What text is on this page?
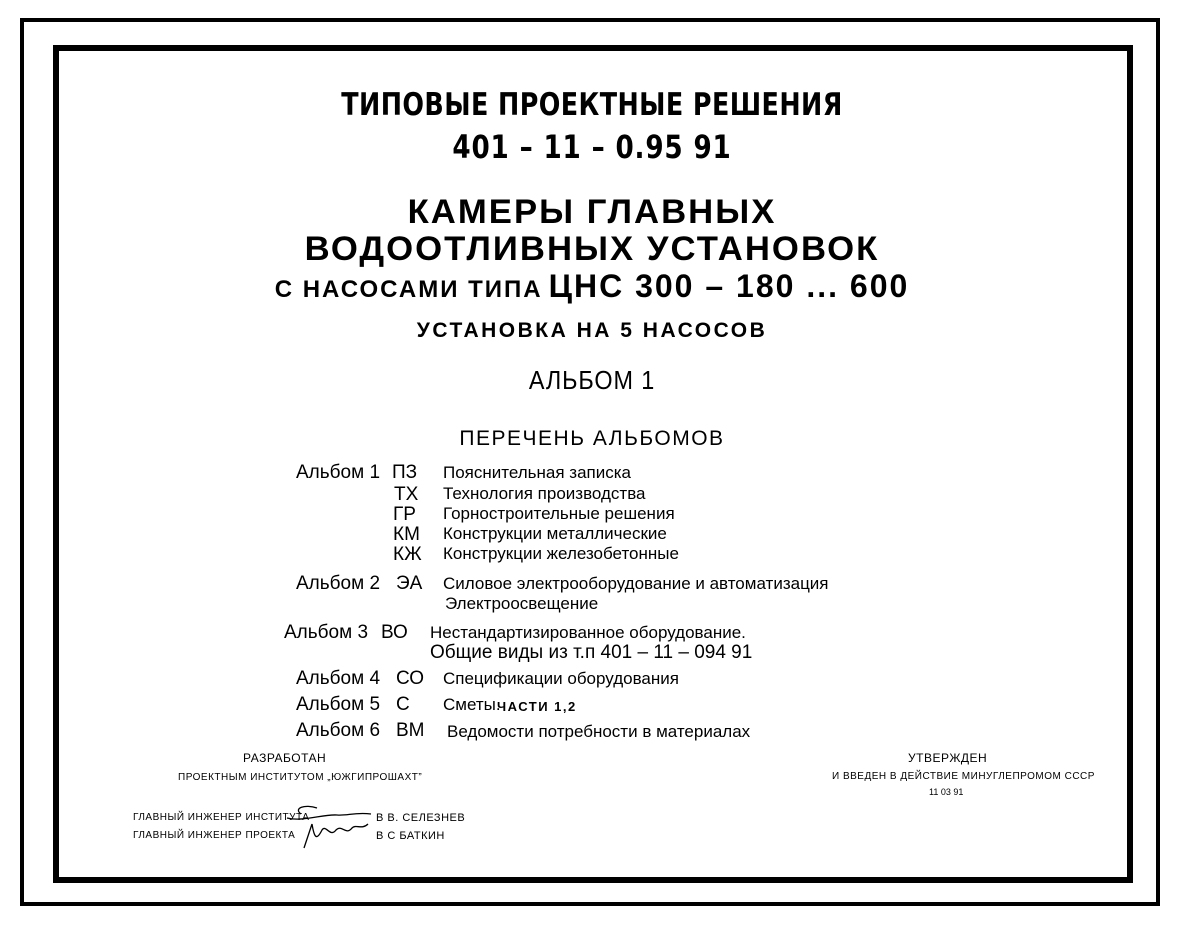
ТИПОВЫЕ ПРОЕКТНЫЕ РЕШЕНИЯ
401 – 11 – 0.95 91
КАМЕРЫ ГЛАВНЫХ
ВОДООТЛИВНЫХ УСТАНОВОК
С НАСОСАМИ ТИПА ЦНС 300 – 180 ... 600
УСТАНОВКА НА 5 НАСОСОВ
АЛЬБОМ 1
ПЕРЕЧЕНЬ АЛЬБОМОВ
Альбом 1 ПЗ Пояснительная записка
ТХ Технология производства
ГР Горностроительные решения
КМ Конструкции металлические
КЖ Конструкции железобетонные
Альбом 2 ЭА Силовое электрооборудование и автоматизация
Электроосвещение
Альбом 3 ВО Нестандартизированное оборудование.
Общие виды из т.п 401 – 11 – 094 91
Альбом 4 СО Спецификации оборудования
Альбом 5 С Сметы.
ЧАСТИ 1,2
Альбом 6 ВМ Ведомости потребности в материалах
РАЗРАБОТАН
ПРОЕКТНЫМ ИНСТИТУТОМ „ЮЖГИПРОШАХТ”
УТВЕРЖДЕН
И ВВЕДЕН В ДЕЙСТВИЕ МИНУГЛЕПРОМОМ СССР
11 03 91
ГЛАВНЫЙ ИНЖЕНЕР ИНСТИТУТА	В В. СЕЛЕЗНЕВ
ГЛАВНЫЙ ИНЖЕНЕР ПРОЕКТА	В С БАТКИН
